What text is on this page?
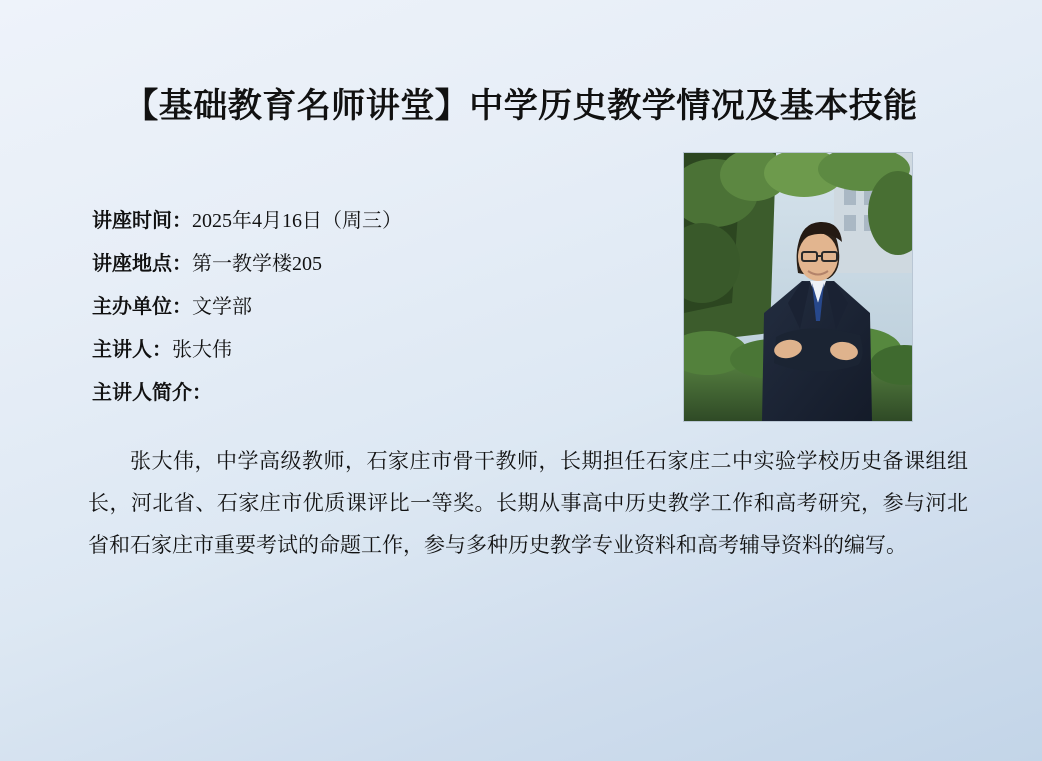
【基础教育名师讲堂】中学历史教学情况及基本技能
讲座时间： 2025年4月16日（周三）
讲座地点： 第一教学楼205
主办单位： 文学部
主讲人： 张大伟
主讲人简介：
张大伟，中学高级教师，石家庄市骨干教师，长期担任石家庄二中实验学校历史备课组组长，河北省、石家庄市优质课评比一等奖。长期从事高中历史教学工作和高考研究，参与河北省和石家庄市重要考试的命题工作，参与多种历史教学专业资料和高考辅导资料的编写。
